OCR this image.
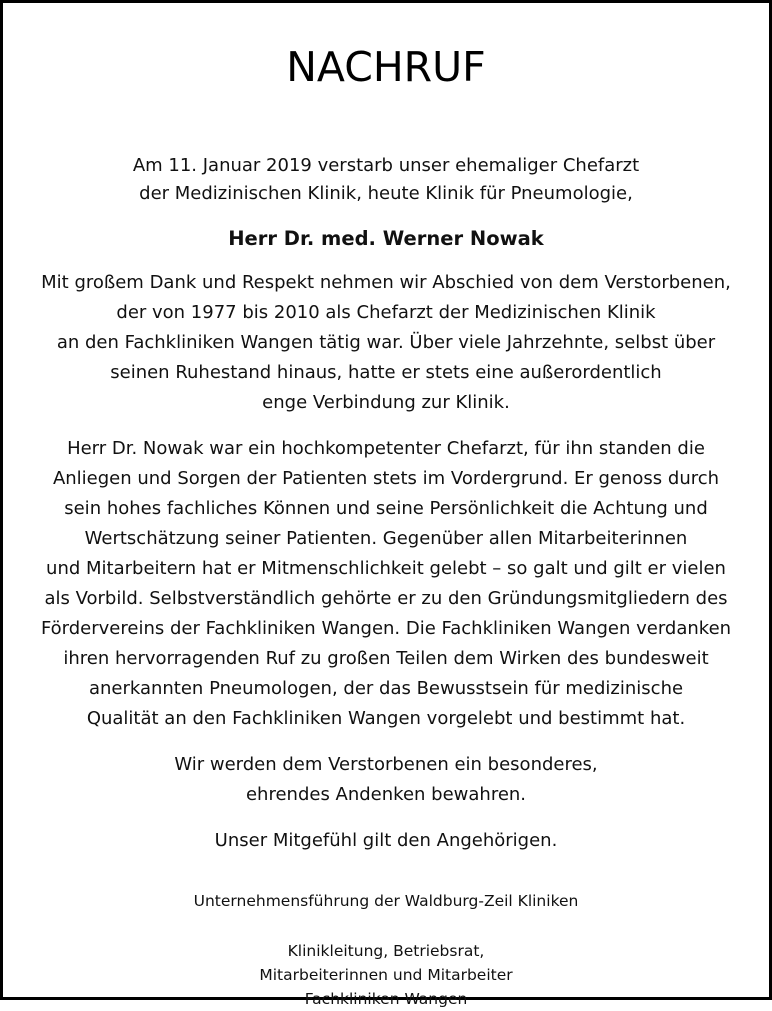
NACHRUF
Am 11. Januar 2019 verstarb unser ehemaliger Chefarzt
der Medizinischen Klinik, heute Klinik für Pneumologie,
Herr Dr. med. Werner Nowak
Mit großem Dank und Respekt nehmen wir Abschied von dem Verstorbenen,
der von 1977 bis 2010 als Chefarzt der Medizinischen Klinik
an den Fachkliniken Wangen tätig war. Über viele Jahrzehnte, selbst über
seinen Ruhestand hinaus, hatte er stets eine außerordentlich
enge Verbindung zur Klinik.
Herr Dr. Nowak war ein hochkompetenter Chefarzt, für ihn standen die
Anliegen und Sorgen der Patienten stets im Vordergrund. Er genoss durch
sein hohes fachliches Können und seine Persönlichkeit die Achtung und
Wertschätzung seiner Patienten. Gegenüber allen Mitarbeiterinnen
und Mitarbeitern hat er Mitmenschlichkeit gelebt – so galt und gilt er vielen
als Vorbild. Selbstverständlich gehörte er zu den Gründungsmitgliedern des
Fördervereins der Fachkliniken Wangen. Die Fachkliniken Wangen verdanken
ihren hervorragenden Ruf zu großen Teilen dem Wirken des bundesweit
anerkannten Pneumologen, der das Bewusstsein für medizinische
Qualität an den Fachkliniken Wangen vorgelebt und bestimmt hat.
Wir werden dem Verstorbenen ein besonderes,
ehrendes Andenken bewahren.
Unser Mitgefühl gilt den Angehörigen.
Unternehmensführung der Waldburg-Zeil Kliniken
Klinikleitung, Betriebsrat,
Mitarbeiterinnen und Mitarbeiter
Fachkliniken Wangen
